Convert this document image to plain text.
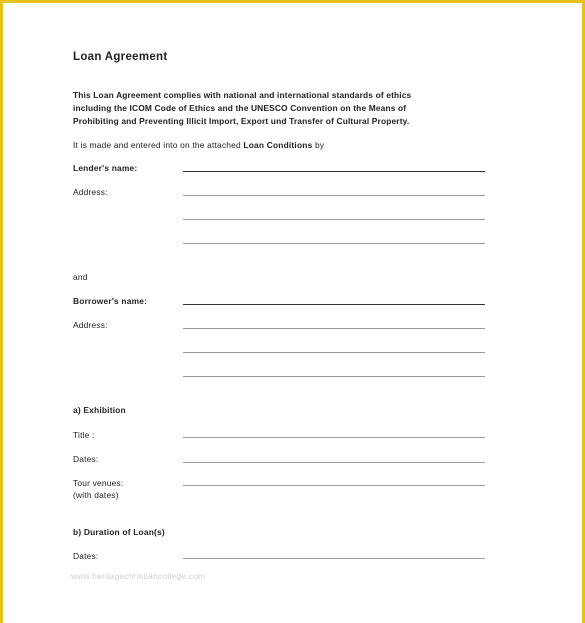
Loan Agreement
This Loan Agreement complies with national and international standards of ethics
including the ICOM Code of Ethics and the UNESCO Convention on the Means of
Prohibiting and Preventing Illicit Import, Export und Transfer of Cultural Property.
It is made and entered into on the attached Loan Conditions by
Lender's name:
Address:
and
Borrower's name:
Address:
a) Exhibition
Title :
Dates:
Tour venues:
(with dates)
b) Duration of Loan(s)
Dates:
www.heritagechristiancollege.com
